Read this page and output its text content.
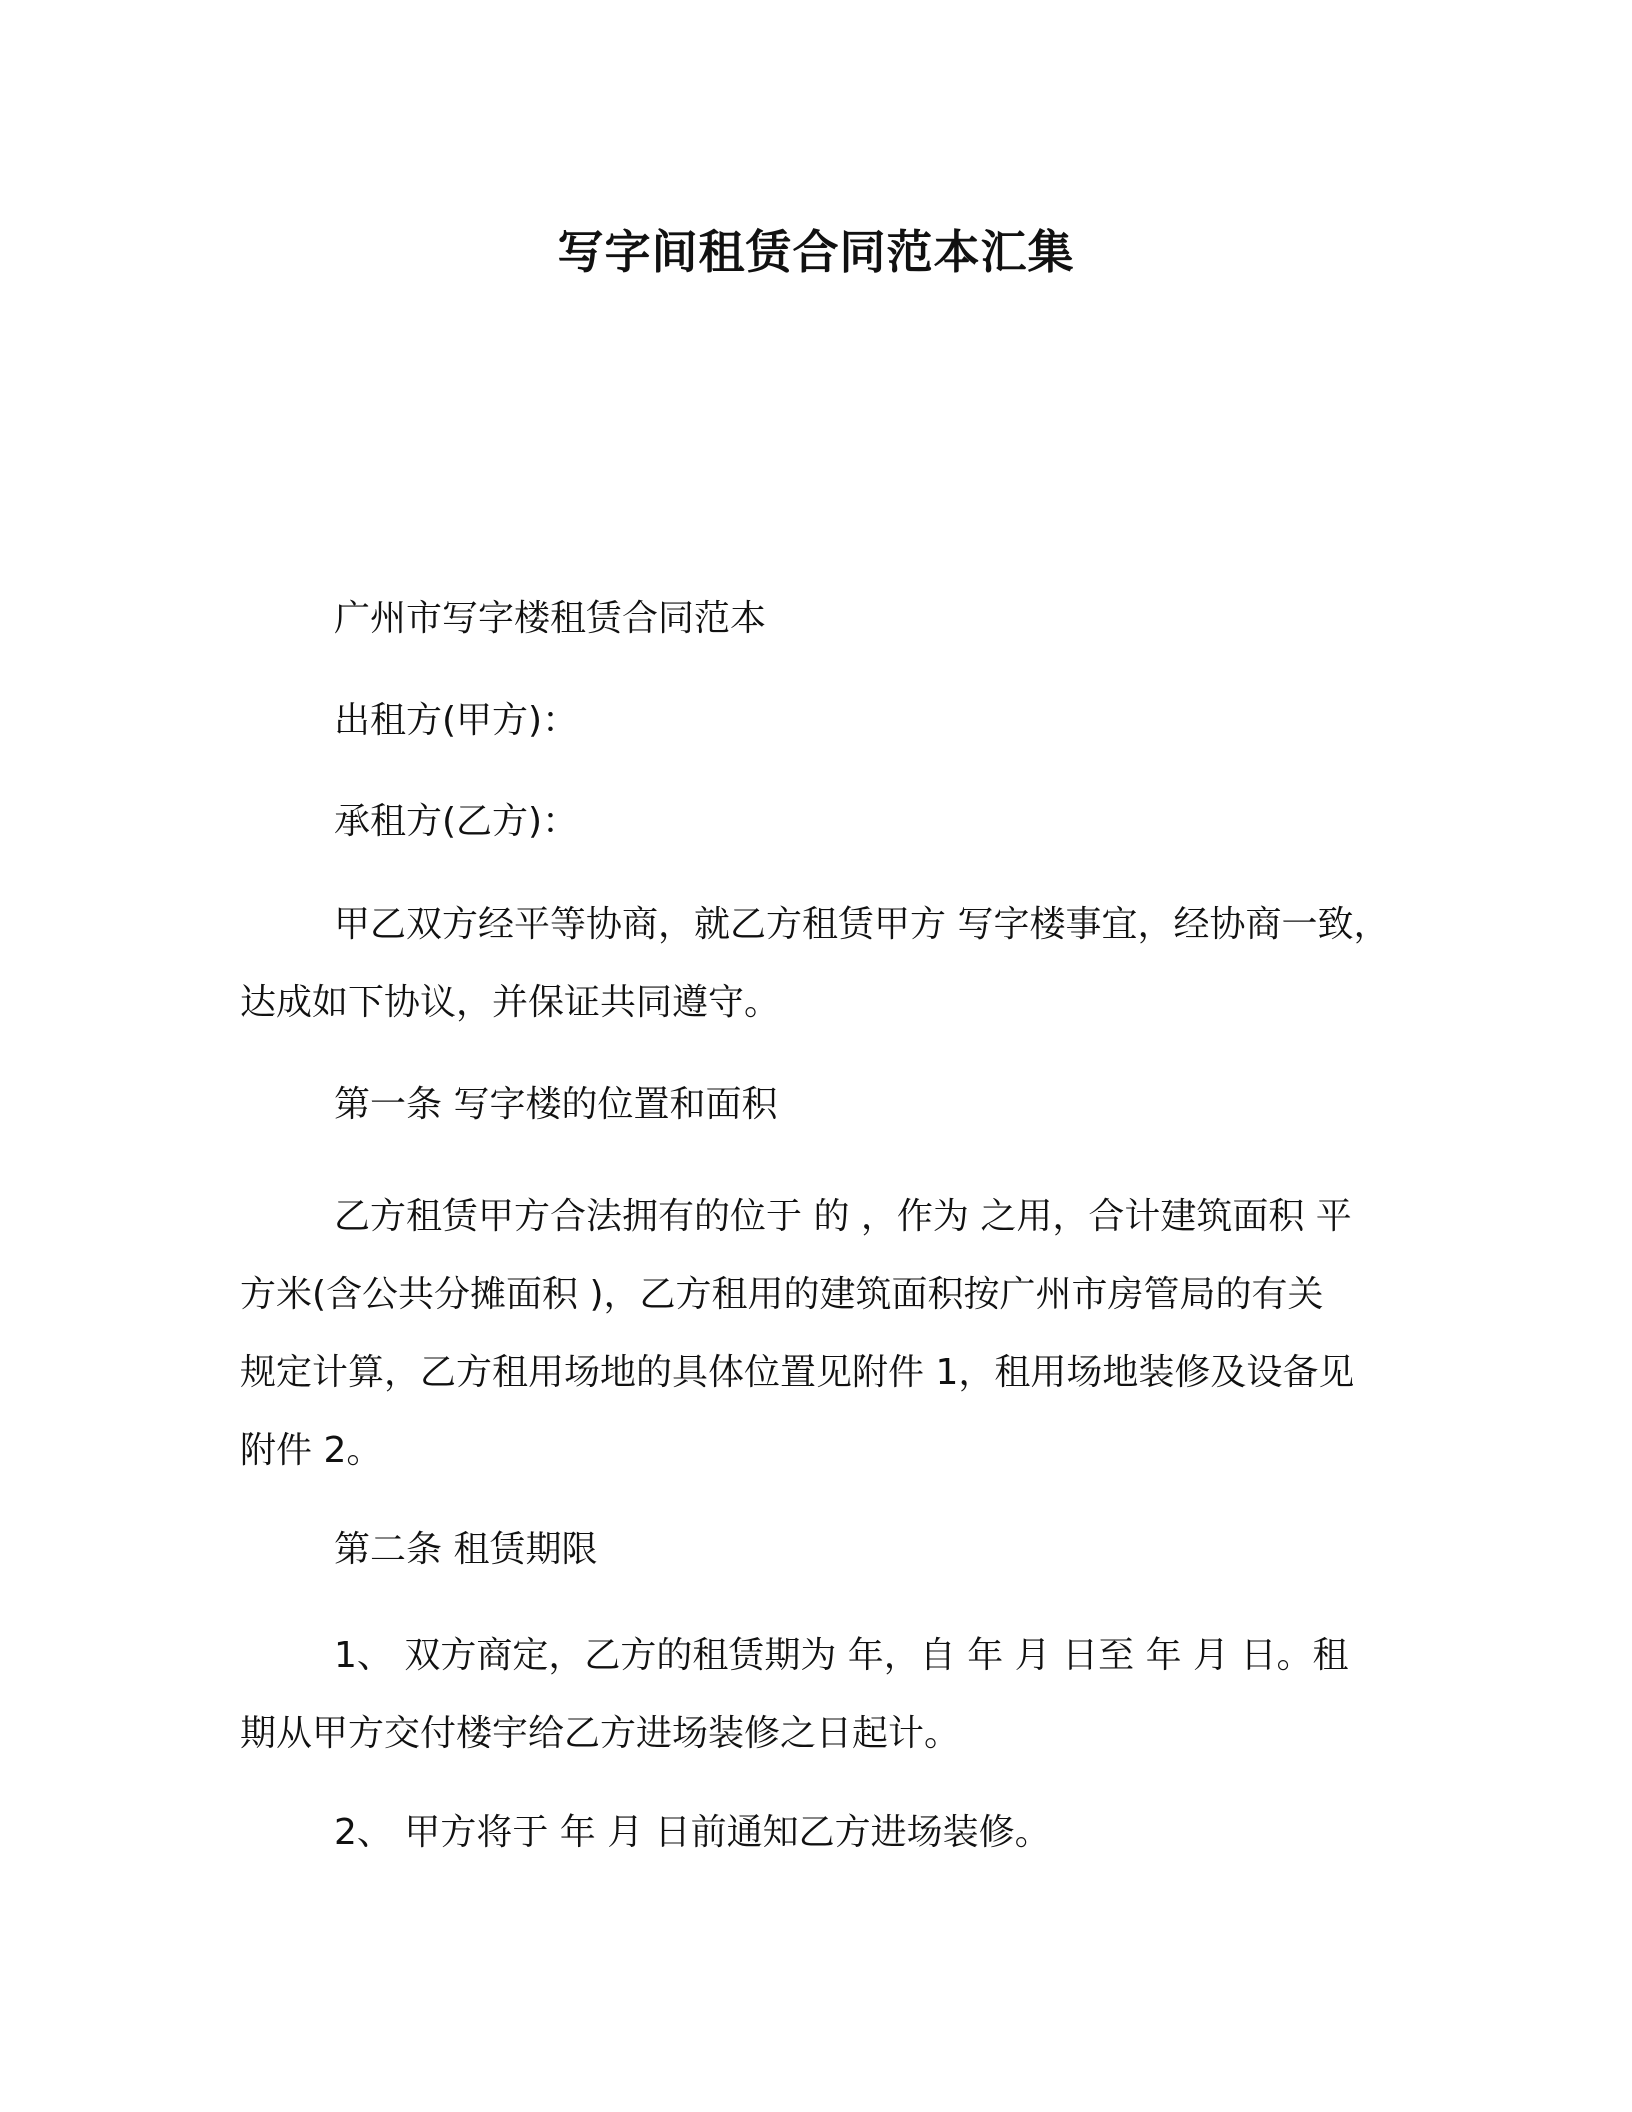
写字间租赁合同范本汇集
广州市写字楼租赁合同范本
出租方(甲方)：
承租方(乙方)：
甲乙双方经平等协商，就乙方租赁甲方 写字楼事宜，经协商一致，
达成如下协议，并保证共同遵守。
第一条 写字楼的位置和面积
乙方租赁甲方合法拥有的位于 的 ，作为 之用，合计建筑面积 平
方米(含公共分摊面积 )，乙方租用的建筑面积按广州市房管局的有关
规定计算，乙方租用场地的具体位置见附件 1，租用场地装修及设备见
附件 2。
第二条 租赁期限
1、 双方商定，乙方的租赁期为 年，自 年 月 日至 年 月 日。租
期从甲方交付楼宇给乙方进场装修之日起计。
2、 甲方将于 年 月 日前通知乙方进场装修。
